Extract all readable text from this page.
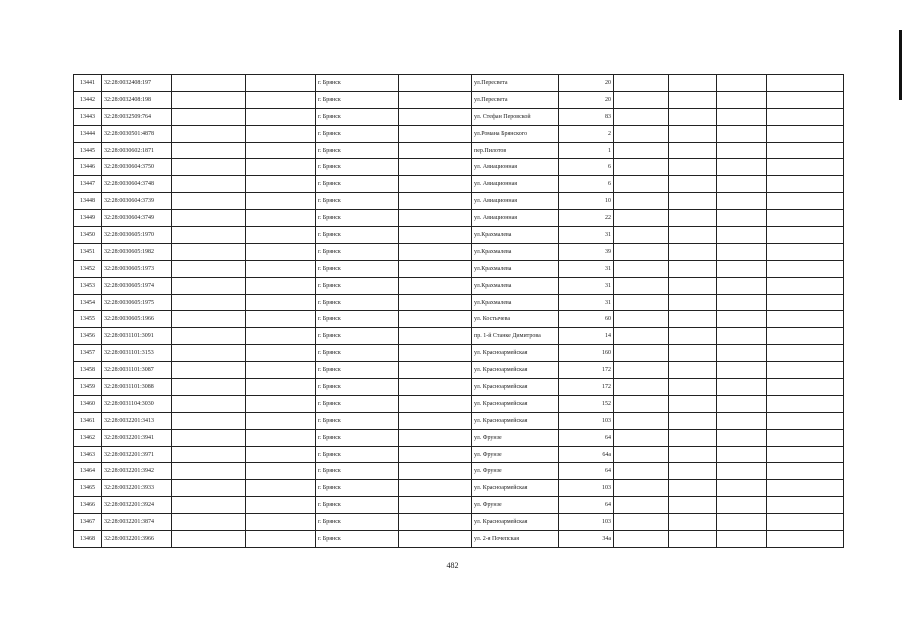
13441	32:28:0032408:197			г. Брянск		ул.Пересвета	20				
13442	32:28:0032408:198			г. Брянск		ул.Пересвета	20				
13443	32:28:0032509:764			г. Брянск		ул. Стефан Перовской	83				
13444	32:28:0030501:4878			г. Брянск		ул.Романа Брянского	2				
13445	32:28:0030602:1871			г. Брянск		пер.Пилотов	1				
13446	32:28:0030604:3750			г. Брянск		ул. Авиационная	6				
13447	32:28:0030604:3748			г. Брянск		ул. Авиационная	6				
13448	32:28:0030604:3739			г. Брянск		ул. Авиационная	10				
13449	32:28:0030604:3749			г. Брянск		ул. Авиационная	22				
13450	32:28:0030605:1970			г. Брянск		ул.Крахмалева	31				
13451	32:28:0030605:1982			г. Брянск		ул.Крахмалева	39				
13452	32:28:0030605:1973			г. Брянск		ул.Крахмалева	31				
13453	32:28:0030605:1974			г. Брянск		ул.Крахмалева	31				
13454	32:28:0030605:1975			г. Брянск		ул.Крахмалева	31				
13455	32:28:0030605:1966			г. Брянск		ул. Костычева	60				
13456	32:28:0031101:3091			г. Брянск		пр. 1-й Станке Димитрова	14				
13457	32:28:0031101:3153			г. Брянск		ул. Красноармейская	160				
13458	32:28:0031101:3087			г. Брянск		ул. Красноармейская	172				
13459	32:28:0031101:3088			г. Брянск		ул. Красноармейская	172				
13460	32:28:0031104:3030			г. Брянск		ул. Красноармейская	152				
13461	32:28:0032201:3413			г. Брянск		ул. Красноармейская	103				
13462	32:28:0032201:3941			г. Брянск		ул. Фрунзе	64				
13463	32:28:0032201:3971			г. Брянск		ул. Фрунзе	64а				
13464	32:28:0032201:3942			г. Брянск		ул. Фрунзе	64				
13465	32:28:0032201:3933			г. Брянск		ул. Красноармейская	103				
13466	32:28:0032201:3924			г. Брянск		ул. Фрунзе	64				
13467	32:28:0032201:3874			г. Брянск		ул. Красноармейская	103				
13468	32:28:0032201:3966			г. Брянск		ул. 2-я Почепская	34а				
482
